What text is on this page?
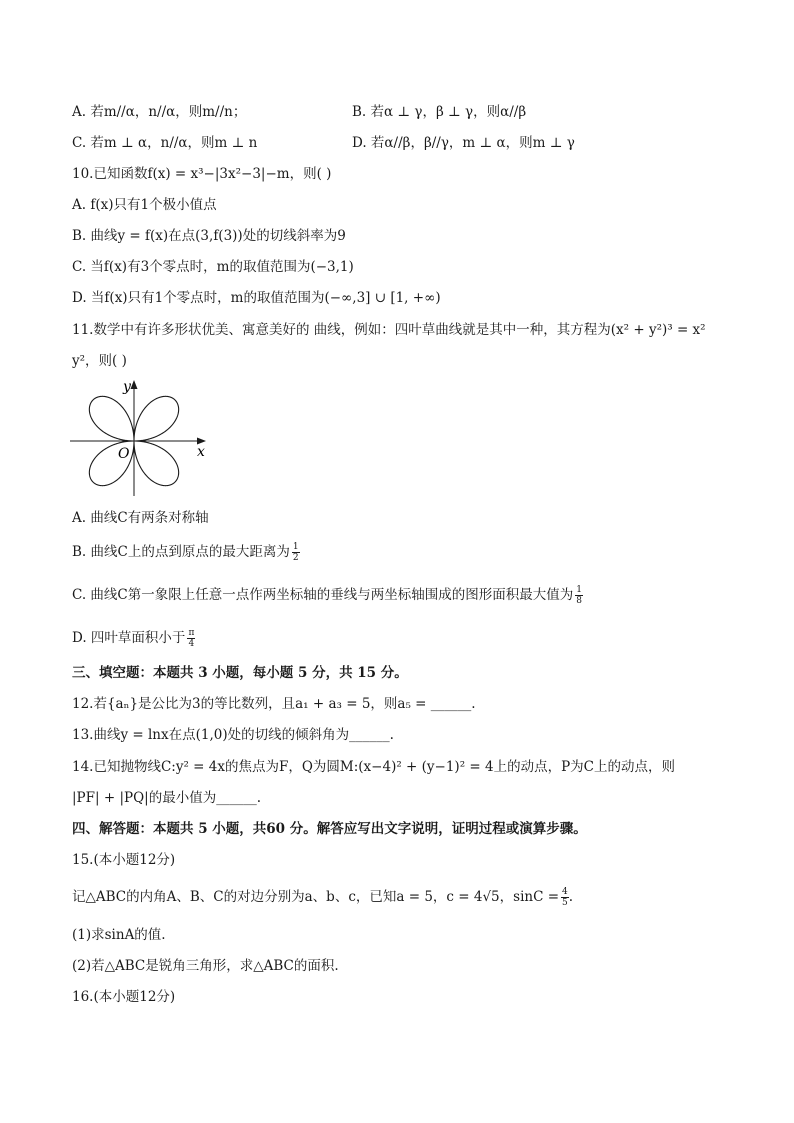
A. 若m//α，n//α，则m//n；	B. 若α ⊥ γ，β ⊥ γ，则α//β
C. 若m ⊥ α，n//α，则m ⊥ n	D. 若α//β，β//γ，m ⊥ α，则m ⊥ γ
10.已知函数f(x) = x³−|3x²−3|−m，则( )
A. f(x)只有1个极小值点
B. 曲线y = f(x)在点(3,f(3))处的切线斜率为9
C. 当f(x)有3个零点时，m的取值范围为(−3,1)
D. 当f(x)只有1个零点时，m的取值范围为(−∞,3] ∪ [1, +∞)
11.数学中有许多形状优美、寓意美好的 曲线，例如：四叶草曲线就是其中一种，其方程为(x² + y²)³ = x²
y²，则( )
y
x
O
A. 曲线C有两条对称轴
B. 曲线C上的点到原点的最大距离为 $\frac{1}{2}$
C. 曲线C第一象限上任意一点作两坐标轴的垂线与两坐标轴围成的图形面积最大值为 $\frac{1}{8}$
D. 四叶草面积小于 $\frac{\pi}{4}$
三、填空题：本题共 3 小题，每小题 5 分，共 15 分。
12.若{aₙ}是公比为3的等比数列，且a₁ + a₃ = 5，则a₅ = ______.
13.曲线y = lnx在点(1,0)处的切线的倾斜角为______.
14.已知抛物线C:y² = 4x的焦点为F，Q为圆M:(x−4)² + (y−1)² = 4上的动点，P为C上的动点，则
|PF| + |PQ|的最小值为______.
四、解答题：本题共 5 小题，共60 分。解答应写出文字说明，证明过程或演算步骤。
15.(本小题12分)
记△ABC的内角A、B、C的对边分别为a、b、c，已知a = 5，c = 4√5，$\sin C = \frac{4}{5}$ .
(1)求sinA的值.
(2)若△ABC是锐角三角形，求△ABC的面积.
16.(本小题12分)
